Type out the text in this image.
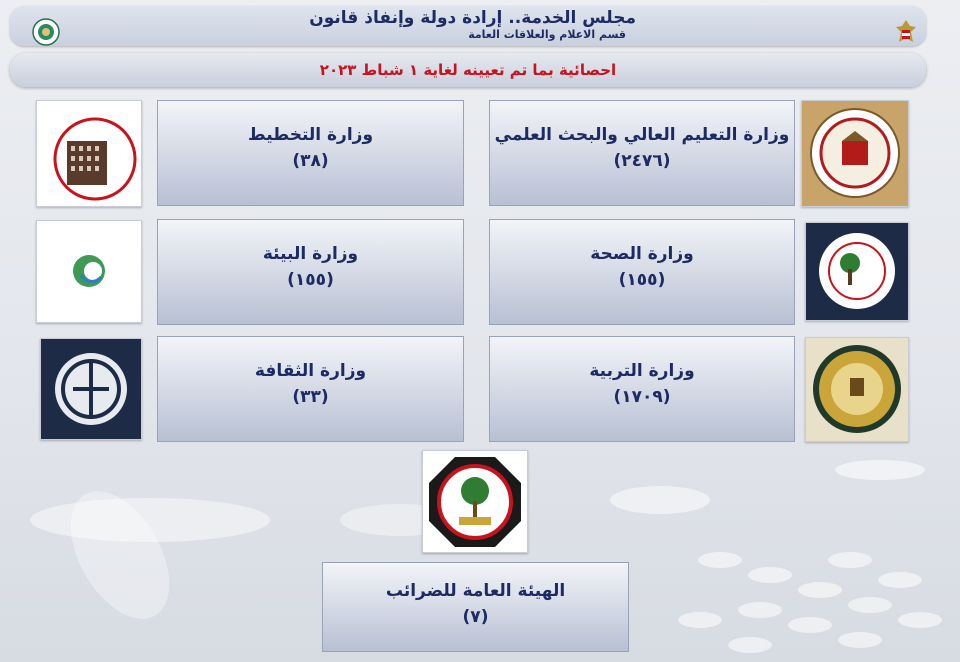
مجلس الخدمة.. إرادة دولة وإنفاذ قانون
قسم الاعلام والعلاقات العامة
احصائية بما تم تعيينه لغاية ١ شباط ٢٠٢٣
وزارة التعليم العالي والبحث العلمي
(٢٤٧٦)
وزارة التخطيط
(٣٨)
وزارة الصحة
(١٥٥)
وزارة البيئة
(١٥٥)
وزارة التربية
(١٧٠٩)
وزارة الثقافة
(٣٣)
الهيئة العامة للضرائب
(٧)
